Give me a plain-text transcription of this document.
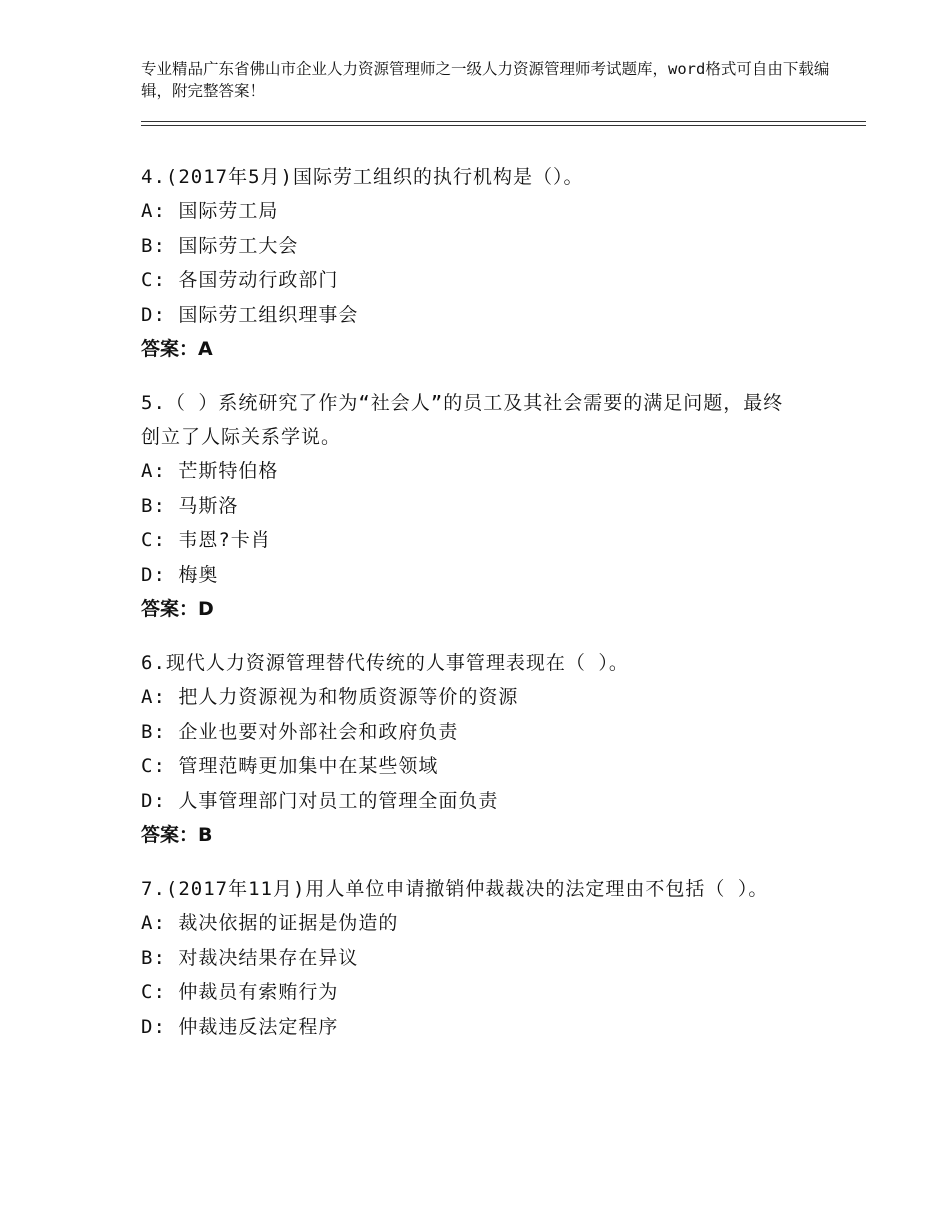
专业精品广东省佛山市企业人力资源管理师之一级人力资源管理师考试题库，word格式可自由下载编辑，附完整答案！
4.(2017年5月)国际劳工组织的执行机构是（）。
A: 国际劳工局
B: 国际劳工大会
C: 各国劳动行政部门
D: 国际劳工组织理事会
答案：A
5.（ ）系统研究了作为“社会人”的员工及其社会需要的满足问题，最终创立了人际关系学说。
A: 芒斯特伯格
B: 马斯洛
C: 韦恩?卡肖
D: 梅奥
答案：D
6.现代人力资源管理替代传统的人事管理表现在（ ）。
A: 把人力资源视为和物质资源等价的资源
B: 企业也要对外部社会和政府负责
C: 管理范畴更加集中在某些领域
D: 人事管理部门对员工的管理全面负责
答案：B
7.(2017年11月)用人单位申请撤销仲裁裁决的法定理由不包括（ ）。
A: 裁决依据的证据是伪造的
B: 对裁决结果存在异议
C: 仲裁员有索贿行为
D: 仲裁违反法定程序
